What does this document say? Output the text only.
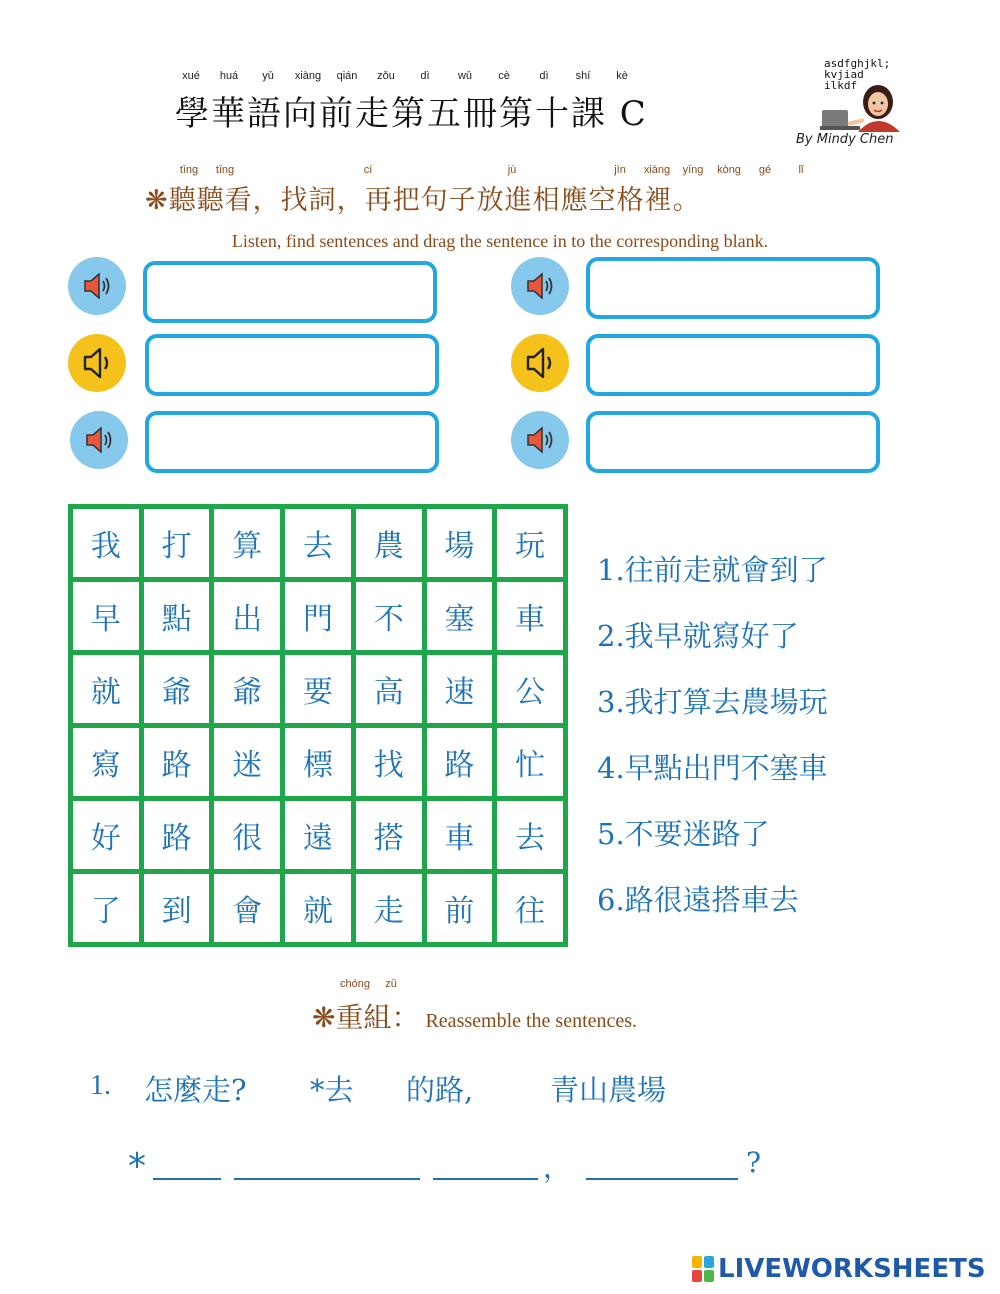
xué huá yǔ xiàng qián zǒu dì	wǔ cè	dì shí kè
學華語向前走第五冊第十課 C
asdfghjkl;
kvjiad
ilkdf
By Mindy Chen
tīng tīng	cí	jù	jìn xiāng yīng kòng gé lǐ
❋聽聽看，找詞，再把句子放進相應空格裡。
Listen, find sentences and drag the sentence in to the corresponding blank.
我	打	算	去	農	場	玩
早	點	出	門	不	塞	車
就	爺	爺	要	高	速	公
寫	路	迷	標	找	路	忙
好	路	很	遠	搭	車	去
了	到	會	就	走	前	往
1.往前走就會到了
2.我早就寫好了
3.我打算去農場玩
4.早點出門不塞車
5.不要迷路了
6.路很遠搭車去
chóng zǔ
❋重組： Reassemble the sentences.
1. 怎麼走? *去 的路,	青山農場
*	，	?
LIVEWORKSHEETS
